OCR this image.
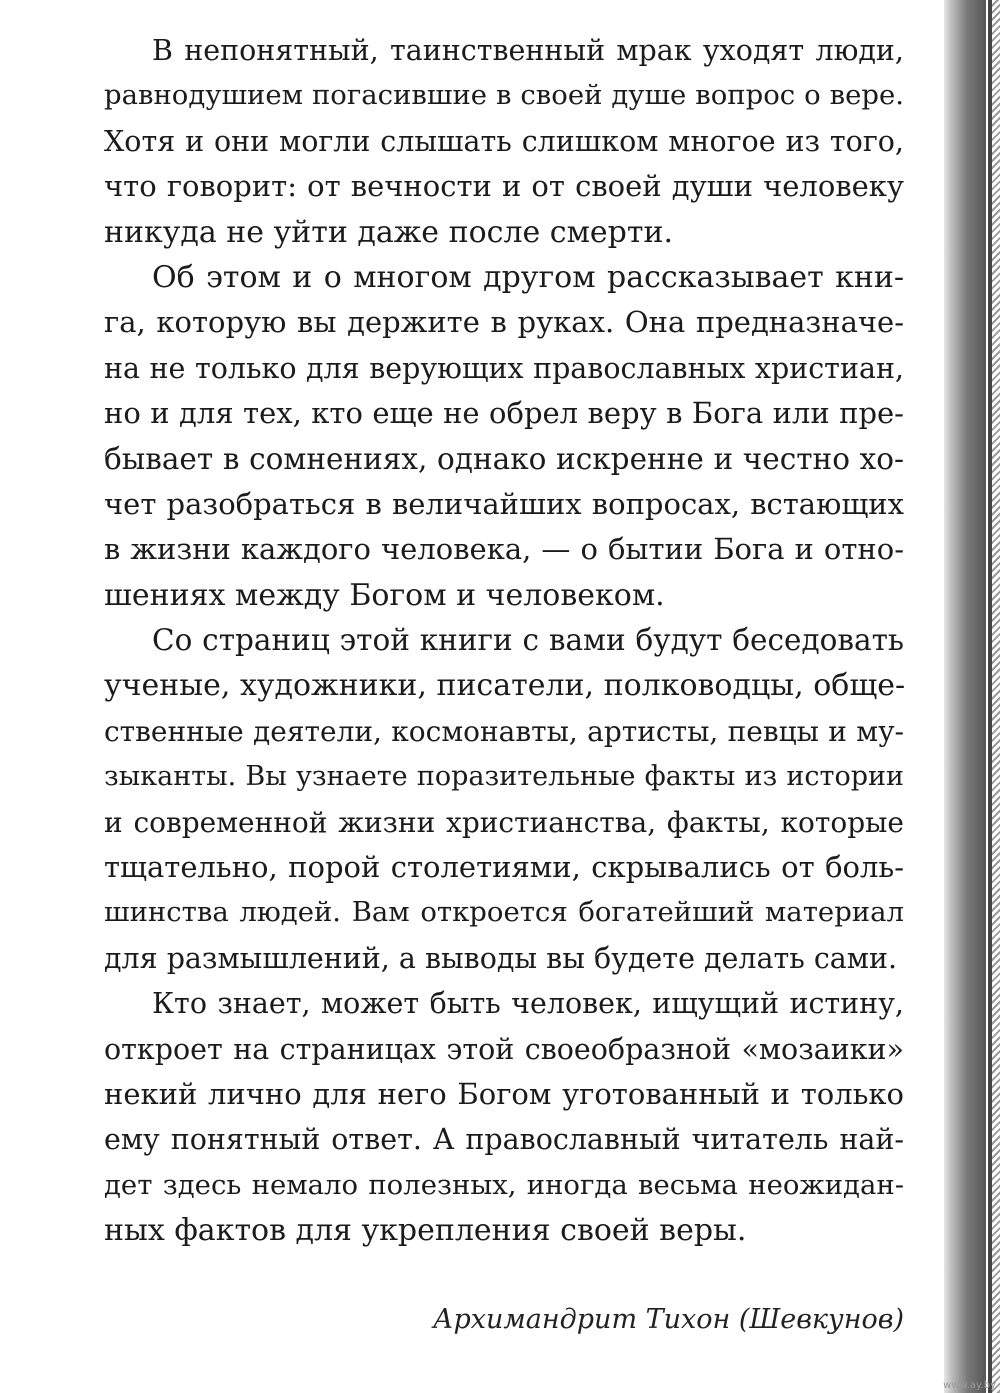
В непонятный, таинственный мрак уходят люди,
равнодушием погасившие в своей душе вопрос о вере.
Хотя и они могли слышать слишком многое из того,
что говорит: от вечности и от своей души человеку
никуда не уйти даже после смерти.
Об этом и о многом другом рассказывает кни-
га, которую вы держите в руках. Она предназначе-
на не только для верующих православных христиан,
но и для тех, кто еще не обрел веру в Бога или пре-
бывает в сомнениях, однако искренне и честно хо-
чет разобраться в величайших вопросах, встающих
в жизни каждого человека, — о бытии Бога и отно-
шениях между Богом и человеком.
Со страниц этой книги с вами будут беседовать
ученые, художники, писатели, полководцы, обще-
ственные деятели, космонавты, артисты, певцы и му-
зыканты. Вы узнаете поразительные факты из истории
и современной жизни христианства, факты, которые
тщательно, порой столетиями, скрывались от боль-
шинства людей. Вам откроется богатейший материал
для размышлений, а выводы вы будете делать сами.
Кто знает, может быть человек, ищущий истину,
откроет на страницах этой своеобразной «мозаики»
некий лично для него Богом уготованный и только
ему понятный ответ. А православный читатель най-
дет здесь немало полезных, иногда весьма неожидан-
ных фактов для укрепления своей веры.
Архимандрит Тихон (Шевкунов)
www.ay.by
